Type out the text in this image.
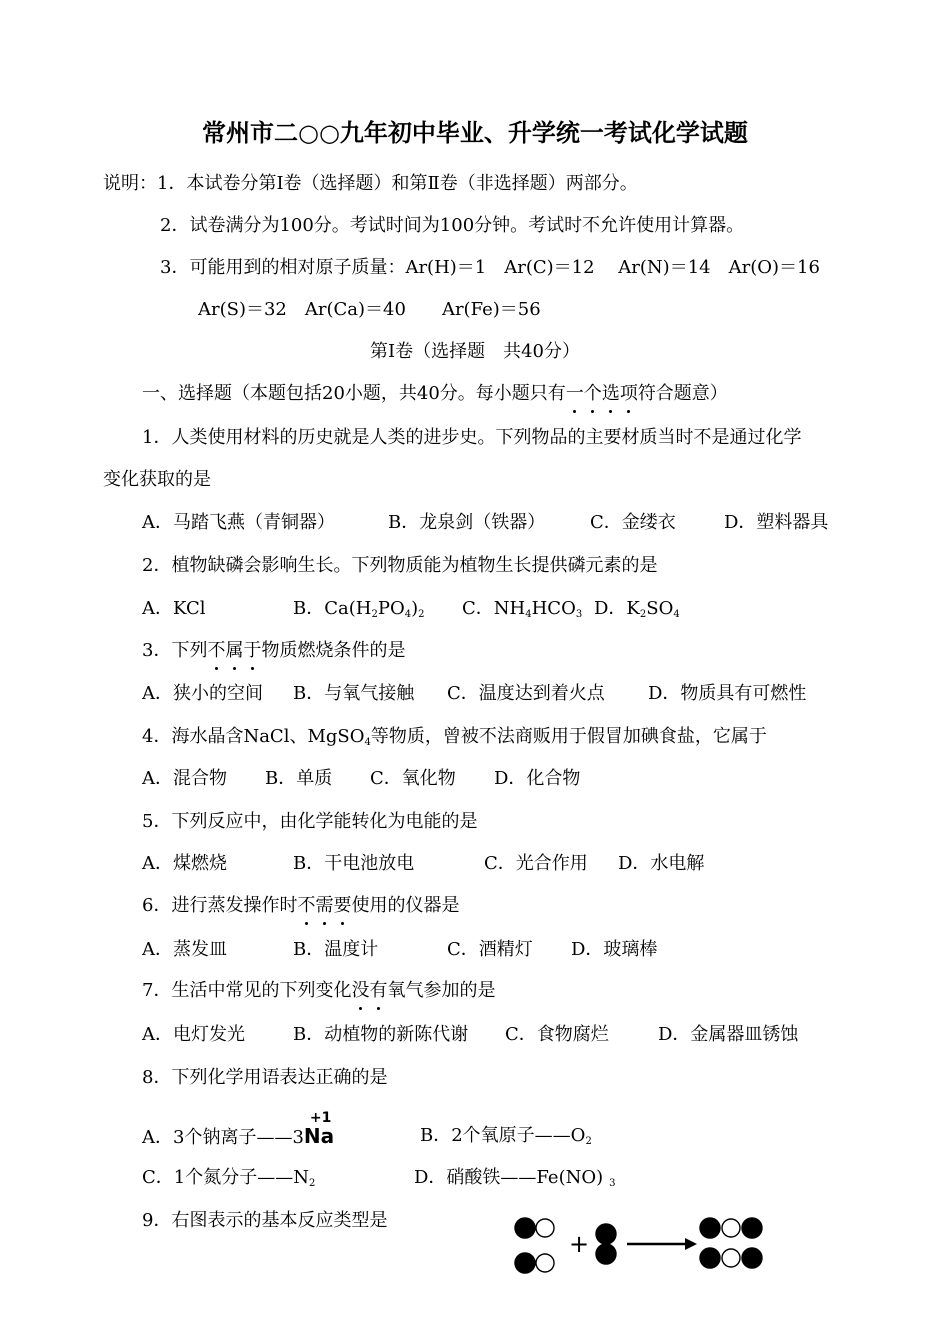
常州市二○○九年初中毕业、升学统一考试化学试题
说明：1．本试卷分第Ⅰ卷（选择题）和第Ⅱ卷（非选择题）两部分。
2．试卷满分为100分。考试时间为100分钟。考试时不允许使用计算器。
3．可能用到的相对原子质量：Ar(H)＝1　Ar(C)＝12　 Ar(N)＝14　Ar(O)＝16
Ar(S)＝32　Ar(Ca)＝40　　Ar(Fe)＝56
第Ⅰ卷（选择题　共40分）
一、选择题（本题包括20小题，共40分。每小题只有一个选项符合题意）
1．人类使用材料的历史就是人类的进步史。下列物品的主要材质当时不是通过化学
变化获取的是
A．马踏飞燕（青铜器）	B．龙泉剑（铁器） C．金缕衣	D．塑料器具
2．植物缺磷会影响生长。下列物质能为植物生长提供磷元素的是
A．KCl	B．$Ca(H_2PO_4)_2$ C．$NH_4HCO_3$ D．$K_2SO_4$
3．下列不属于物质燃烧条件的是
A．狭小的空间 B．与氧气接触 C．温度达到着火点 D．物质具有可燃性
4．海水晶含NaCl、MgSO$_4$等物质，曾被不法商贩用于假冒加碘食盐，它属于
A．混合物 B．单质 C．氧化物 D．化合物
5．下列反应中，由化学能转化为电能的是
A．煤燃烧	B．干电池放电	C．光合作用 D．水电解
6．进行蒸发操作时不需要使用的仪器是
A．蒸发皿	B．温度计	C．酒精灯 D．玻璃棒
7．生活中常见的下列变化没有氧气参加的是
A．电灯发光	B．动植物的新陈代谢 C．食物腐烂	D．金属器皿锈蚀
8．下列化学用语表达正确的是
A．3个钠离子——3
+1
Na	B．2个氧原子$——O_2$
C．1个氮分子$——N_2$	D．硝酸铁——Fe(NO) $_3$
9．右图表示的基本反应类型是
+
